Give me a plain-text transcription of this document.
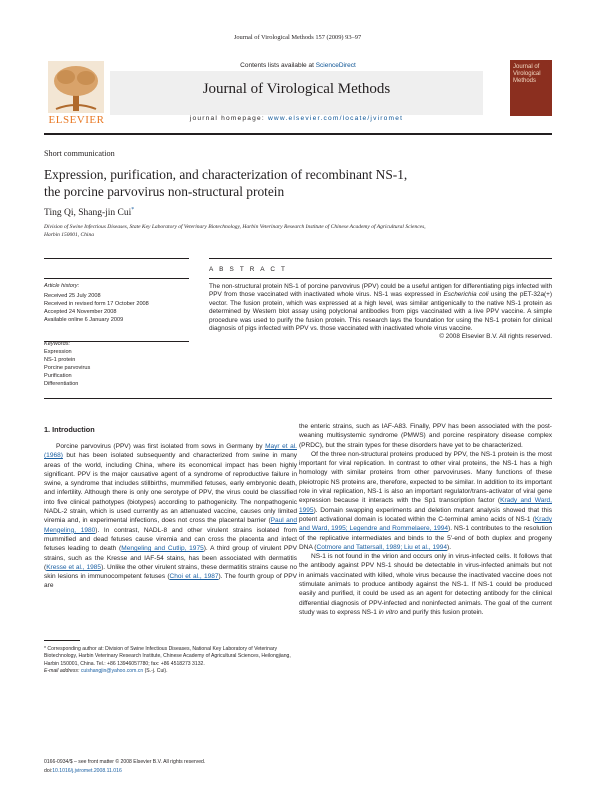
Journal of Virological Methods 157 (2009) 93–97
ELSEVIER
Contents lists available at ScienceDirect
Journal of Virological Methods
journal homepage: www.elsevier.com/locate/jviromet
Journal of
Virological
Methods
Short communication
Expression, purification, and characterization of recombinant NS-1,
the porcine parvovirus non-structural protein
Ting Qi, Shang-jin Cui*
Division of Swine Infectious Diseases, State Key Laboratory of Veterinary Biotechnology, Harbin Veterinary Research Institute of Chinese Academy of Agricultural Sciences,
Harbin 150001, China
Article history:
Received 25 July 2008
Received in revised form 17 October 2008
Accepted 24 November 2008
Available online 6 January 2009
Keywords:
Expression
NS-1 protein
Porcine parvovirus
Purification
Differentiation
A B S T R A C T
The non-structural protein NS-1 of porcine parvovirus (PPV) could be a useful antigen for differentiating pigs infected with PPV from those vaccinated with inactivated whole virus. NS-1 was expressed in Escherichia coli using the pET-32a(+) vector. The fusion protein, which was expressed at a high level, was similar antigenically to the native NS-1 protein as determined by Western blot assay using polyclonal antibodies from pigs vaccinated with a live PPV vaccine. A simple procedure was used to purify the fusion protein. This research lays the foundation for using the NS-1 protein for clinical diagnosis of pigs infected with PPV vs. those vaccinated with inactivated whole virus vaccine.
© 2008 Elsevier B.V. All rights reserved.
1. Introduction

Porcine parvovirus (PPV) was first isolated from sows in Germany by Mayr et al. (1968) but has been isolated subsequently and characterized from swine in many areas of the world, including China, where its economical impact has been highly significant. PPV is the major causative agent of a syndrome of reproductive failure in swine, a syndrome that includes stillbirths, mummified fetuses, early embryonic death, and infertility. Although there is only one serotype of PPV, the virus could be classified into five clinical pathotypes (biotypes) according to pathogenicity. The nonpathogenic NADL-2 strain, which is used currently as an attenuated vaccine, causes only limited viremia and, in experimental infections, does not cross the placental barrier (Paul and Mengeling, 1980). In contrast, NADL-8 and other virulent strains isolated from mummified and dead fetuses cause viremia and can cross the placenta and infect fetuses leading to death (Mengeling and Cutlip, 1975). A third group of virulent PPV strains, such as the Kresse and IAF-54 stains, has been associated with dermatitis (Kresse et al., 1985). Unlike the other virulent strains, these dermatitis strains cause no skin lesions in immunocompetent fetuses (Choi et al., 1987). The fourth group of PPV are

* Corresponding author at: Division of Swine Infectious Diseases, National Key Laboratory of Veterinary Biotechnology, Harbin Veterinary Research Institute, Chinese Academy of Agricultural Sciences, Heilongjiang, Harbin 150001, China. Tel.: +86 13946057780; fax: +86 4518273 3132.
E-mail address: cuishangjin@yahoo.com.cn (S.-j. Cui).
0166-0934/$ – see front matter © 2008 Elsevier B.V. All rights reserved.
doi:10.1016/j.jviromet.2008.11.016

the enteric strains, such as IAF-A83. Finally, PPV has been associated with the post-weaning multisystemic syndrome (PMWS) and porcine respiratory disease complex (PRDC), but the strain types for these disorders have yet to be characterized.

Of the three non-structural proteins produced by PPV, the NS-1 protein is the most important for viral replication. In contrast to other viral proteins, the NS-1 has a high homology with similar proteins from other parvoviruses. Many functions of these pleiotropic NS proteins are, therefore, expected to be similar. In addition to its important role in viral replication, NS-1 is also an important regulator/trans-activator of viral gene expression because it interacts with the Sp1 transcription factor (Krady and Ward, 1995). Domain swapping experiments and deletion mutant analysis showed that this potent activational domain is located within the C-terminal amino acids of NS-1 (Krady and Ward, 1995; Legendre and Rommelaere, 1994). NS-1 contributes to the resolution of the replicative intermediates and binds to the 5′-end of both duplex and progeny DNA (Cotmore and Tattersall, 1989; Liu et al., 1994).

NS-1 is not found in the virion and occurs only in virus-infected cells. It follows that the antibody against PPV NS-1 should be detectable in virus-infected animals but not in animals vaccinated with killed, whole virus because the inactivated vaccine does not stimulate animals to produce antibody against the NS-1. If NS-1 could be produced easily and purified, it could be used as an agent for detecting antibody for the clinical differential diagnosis of PPV-infected and noninfected animals. The goal of the current study was to express NS-1 in vitro and purify this fusion protein.
